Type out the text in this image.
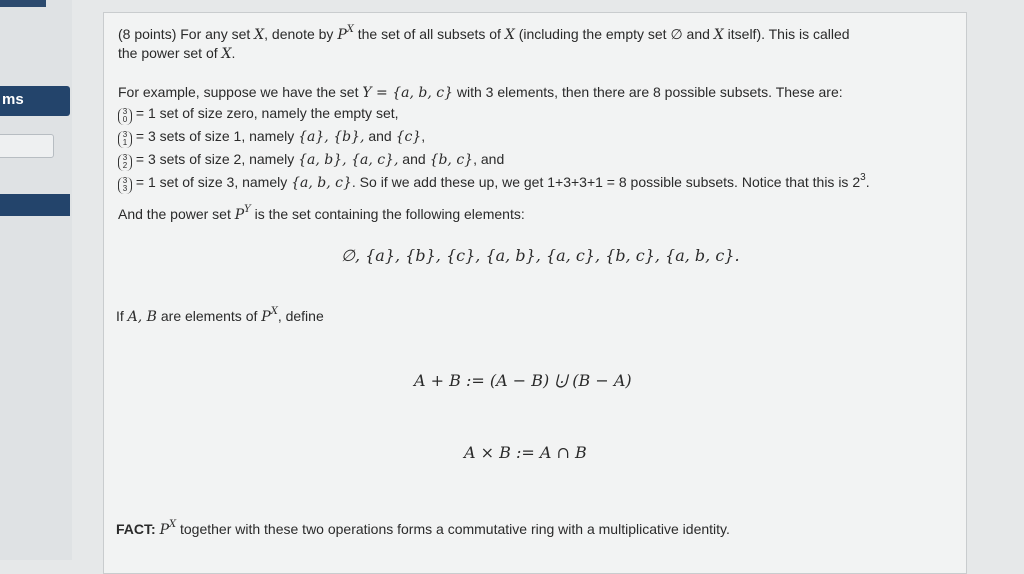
ms
(8 points) For any set X, denote by $P^X$ the set of all subsets of X (including the empty set ∅ and X itself). This is called
the power set of X.
For example, suppose we have the set Y = {a, b, c} with 3 elements, then there are 8 possible subsets. These are:
3
0 = 1 set of size zero, namely the empty set,
3
1 = 3 sets of size 1, namely {a}, {b}, and {c},
3
2 = 3 sets of size 2, namely {a, b}, {a, c}, and {b, c}, and
3
3 = 1 set of size 3, namely {a, b, c}. So if we add these up, we get 1+3+3+1 = 8 possible subsets. Notice that this is $2^3$.
And the power set $P^Y$ is the set containing the following elements:
∅, {a}, {b}, {c}, {a, b}, {a, c}, {b, c}, {a, b, c}.
If A, B are elements of $P^X$, define
A + B := (A − B) ⨃ (B − A)
A × B := A ∩ B
FACT: $P^X$ together with these two operations forms a commutative ring with a multiplicative identity.
